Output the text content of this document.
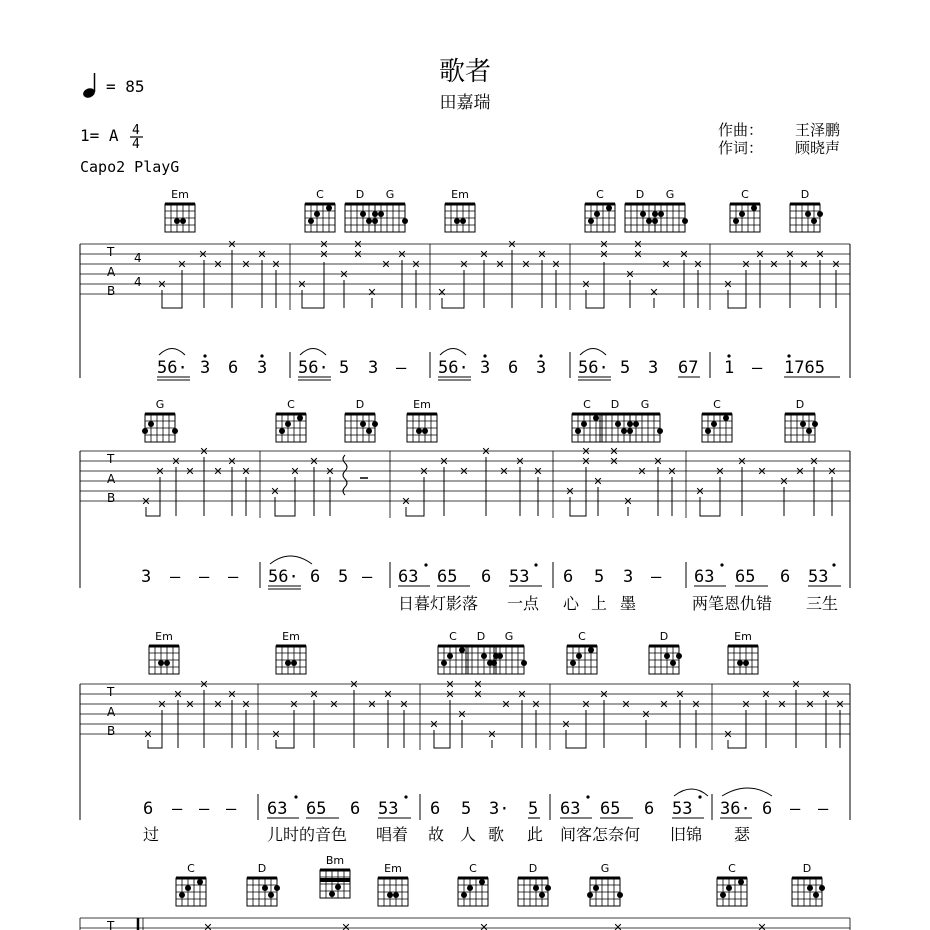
歌者
田嘉瑞
= 85
1= A 4
4
Capo2 PlayG
作曲： 王泽鹏
作词： 顾晓声
Em	C	D G	Em	C	D G	C	D
T
A
B
4
4 ✕
✕
✕
✕
✕
✕
✕
✕
✕
✕
✕
✕
✕
✕
✕
✕
✕
✕
✕
✕
✕
✕
✕
✕
✕
✕
✕
✕
✕
✕
✕
✕
✕
✕
✕
✕
✕
✕
✕
✕
✕
✕
✕
✕
56· 3 6 3 56· 5 3 – 56· 3 6 3 56· 5 3 67 1 – 1765
G	C	D	Em	C D G	C	D
T
A
B ✕
✕
✕
✕
✕
✕
✕
✕
✕
✕
✕
✕
✕
✕
✕
✕
✕
✕
✕
✕
✕
✕
✕
✕
✕
✕
✕
✕
✕
✕
✕
✕
✕
✕
✕
✕
✕
✕
3 – – – 56· 6 5 – 63 65 6 53 6 5 3 – 63 65 6 53
日暮灯影落 一点 心 上 墨	两笔恩仇错 三生
Em	Em	C D G	C	D	Em
T
A
B	✕
✕
✕
✕
✕
✕
✕
✕
✕
✕
✕
✕
✕
✕
✕
✕
✕
✕
✕
✕
✕
✕
✕
✕
✕
✕
✕
✕
✕
✕
✕
✕
✕
✕
✕
✕
✕
✕
✕
✕
✕
✕
6 – – – 63 65 6 53 6 5 3· 5 63 65 6 53 36· 6 – –
过	儿时的音色 唱着 故 人 歌 此 间客怎奈何 旧锦 瑟
C	D
Bm
Em	C	D	G	C	D
T	✕	✕	✕	✕	✕
